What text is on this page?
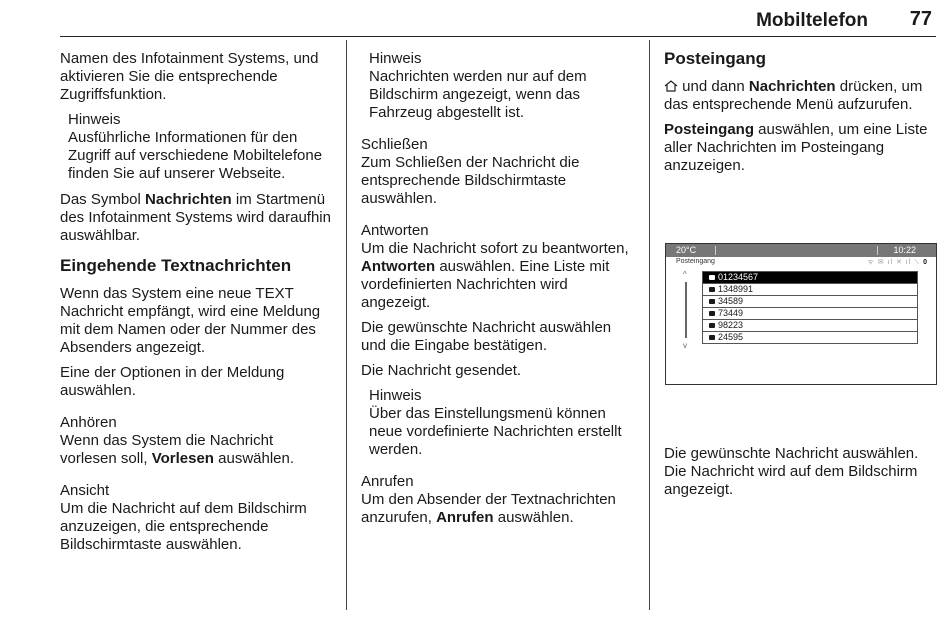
Mobiltelefon 77

Namen des Infotainment Systems, und aktivieren Sie die entsprechende Zugriffsfunktion.

Hinweis
Ausführliche Informationen für den Zugriff auf verschiedene Mobiltelefone finden Sie auf unserer Webseite.

Das Symbol Nachrichten im Startmenü des Infotainment Systems wird daraufhin auswählbar.

Eingehende Textnachrichten

Wenn das System eine neue TEXT Nachricht empfängt, wird eine Meldung mit dem Namen oder der Nummer des Absenders angezeigt.

Eine der Optionen in der Meldung auswählen.

Anhören

Wenn das System die Nachricht vorlesen soll, Vorlesen auswählen.

Ansicht

Um die Nachricht auf dem Bildschirm anzuzeigen, die entsprechende Bildschirmtaste auswählen.

Hinweis
Nachrichten werden nur auf dem Bildschirm angezeigt, wenn das Fahrzeug abgestellt ist.
Schließen

Zum Schließen der Nachricht die entsprechende Bildschirmtaste auswählen.

Antworten

Um die Nachricht sofort zu beantworten, Antworten auswählen. Eine Liste mit vordefinierten Nachrichten wird angezeigt.

Die gewünschte Nachricht auswählen und die Eingabe bestätigen.

Die Nachricht gesendet.

Hinweis
Über das Einstellungsmenü können neue vordefinierte Nachrichten erstellt werden.
Anrufen

Um den Absender der Textnachrichten anzurufen, Anrufen auswählen.

Posteingang

und dann Nachrichten drücken, um das entsprechende Menü aufzurufen.

Posteingang auswählen, um eine Liste aller Nachrichten im Posteingang anzuzeigen.

20°C	10:22
Posteingang	ᯤ ✉ ıl ✕ ıl ⟍ 0
^
v
01234567
1348991
34589
73449
98223
24595
Die gewünschte Nachricht auswählen. Die Nachricht wird auf dem Bildschirm angezeigt.
